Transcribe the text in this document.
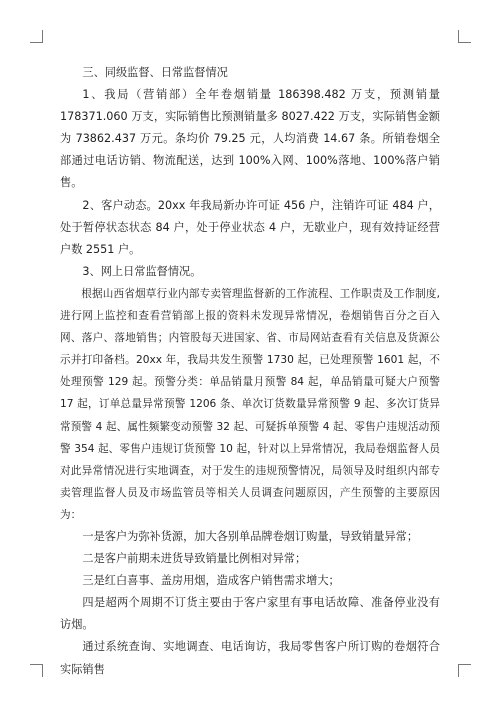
三、同级监督、日常监督情况

1、我局（营销部）全年卷烟销量 186398.482 万支，预测销量 178371.060 万支，实际销售比预测销量多 8027.422 万支，实际销售金额为 73862.437 万元。条均价 79.25 元，人均消费 14.67 条。所销卷烟全部通过电话访销、物流配送，达到 100%入网、100%落地、100%落户销售。

2、客户动态。20xx 年我局新办许可证 456 户，注销许可证 484 户，处于暂停状态状态 84 户，处于停业状态 4 户，无歇业户，现有效持证经营户数 2551 户。

3、网上日常监督情况。

根据山西省烟草行业内部专卖管理监督新的工作流程、工作职责及工作制度,进行网上监控和查看营销部上报的资料未发现异常情况，卷烟销售百分之百入网、落户、落地销售；内管股每天进国家、省、市局网站查看有关信息及货源公示并打印备档。20xx 年，我局共发生预警 1730 起，已处理预警 1601 起，不处理预警 129 起。预警分类：单品销量月预警 84 起，单品销量可疑大户预警 17 起，订单总量异常预警 1206 条、单次订货数量异常预警 9 起、多次订货异常预警 4 起、属性频繁变动预警 32 起、可疑拆单预警 4 起、零售户违规活动预警 354 起、零售户违规订货预警 10 起，针对以上异常情况，我局卷烟监督人员对此异常情况进行实地调查，对于发生的违规预警情况，局领导及时组织内部专卖管理监督人员及市场监管员等相关人员调查问题原因，产生预警的主要原因为：

一是客户为弥补货源，加大各别单品牌卷烟订购量，导致销量异常；

二是客户前期未进货导致销量比例相对异常；

三是红白喜事、盖房用烟，造成客户销售需求增大；

四是超两个周期不订货主要由于客户家里有事电话故障、准备停业没有访烟。

通过系统查询、实地调查、电话询访，我局零售客户所订购的卷烟符合实际销售
